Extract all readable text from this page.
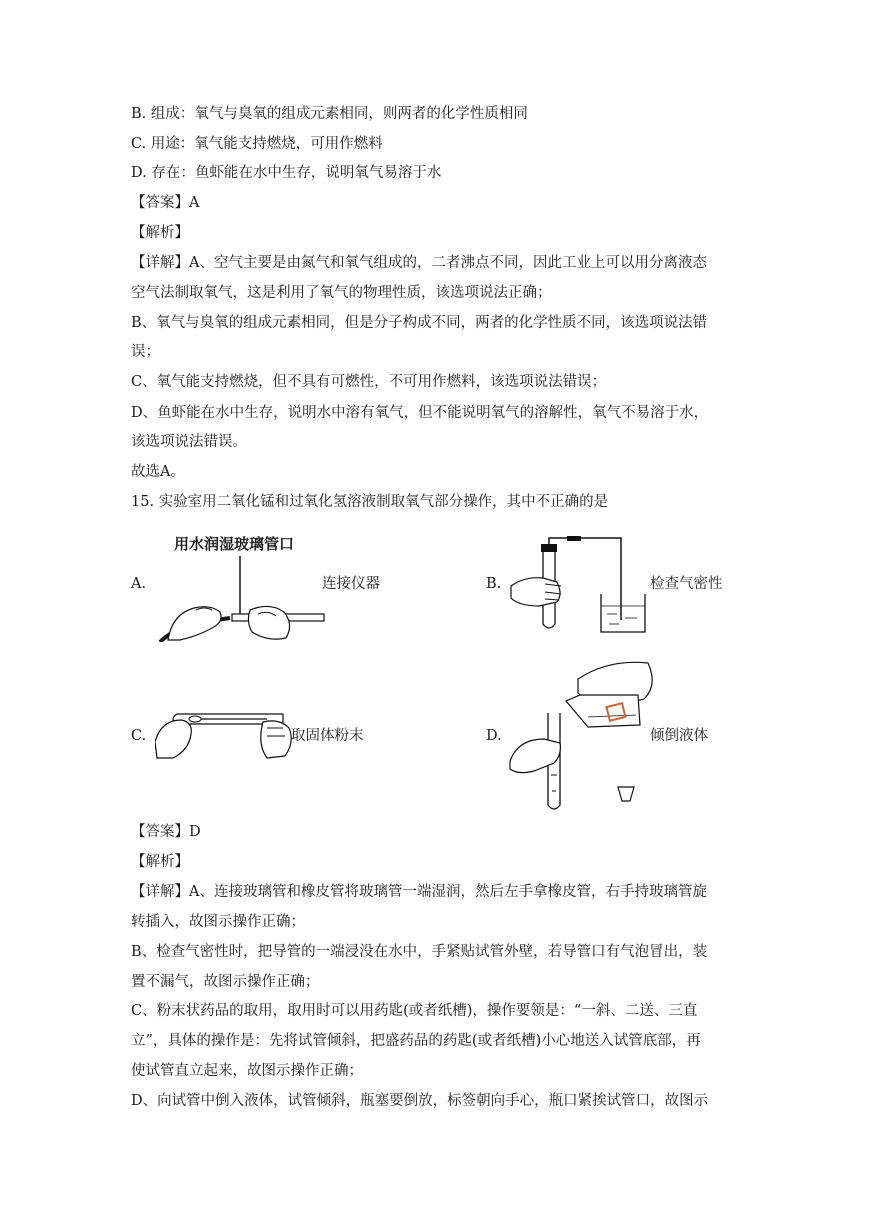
B. 组成：氧气与臭氧的组成元素相同，则两者的化学性质相同
C. 用途：氧气能支持燃烧，可用作燃料
D. 存在：鱼虾能在水中生存，说明氧气易溶于水
【答案】A
【解析】
【详解】A、空气主要是由氮气和氧气组成的，二者沸点不同，因此工业上可以用分离液态
空气法制取氧气，这是利用了氧气的物理性质，该选项说法正确；
B、氧气与臭氧的组成元素相同，但是分子构成不同，两者的化学性质不同，该选项说法错
误；
C、氧气能支持燃烧，但不具有可燃性，不可用作燃料，该选项说法错误；
D、鱼虾能在水中生存，说明水中溶有氧气，但不能说明氧气的溶解性，氧气不易溶于水，
该选项说法错误。
故选A。
15. 实验室用二氧化锰和过氧化氢溶液制取氧气部分操作，其中不正确的是
A.
用水润湿玻璃管口
连接仪器	B.	检查气密性
C.	取固体粉末	D.	倾倒液体
【答案】D
【解析】
【详解】A、连接玻璃管和橡皮管将玻璃管一端湿润，然后左手拿橡皮管，右手持玻璃管旋
转插入，故图示操作正确；
B、检查气密性时，把导管的一端浸没在水中，手紧贴试管外壁，若导管口有气泡冒出，装
置不漏气，故图示操作正确；
C、粉末状药品的取用，取用时可以用药匙(或者纸槽)，操作要领是：“一斜、二送、三直
立”，具体的操作是：先将试管倾斜，把盛药品的药匙(或者纸槽)小心地送入试管底部，再
使试管直立起来，故图示操作正确；
D、向试管中倒入液体，试管倾斜，瓶塞要倒放，标签朝向手心，瓶口紧挨试管口，故图示
